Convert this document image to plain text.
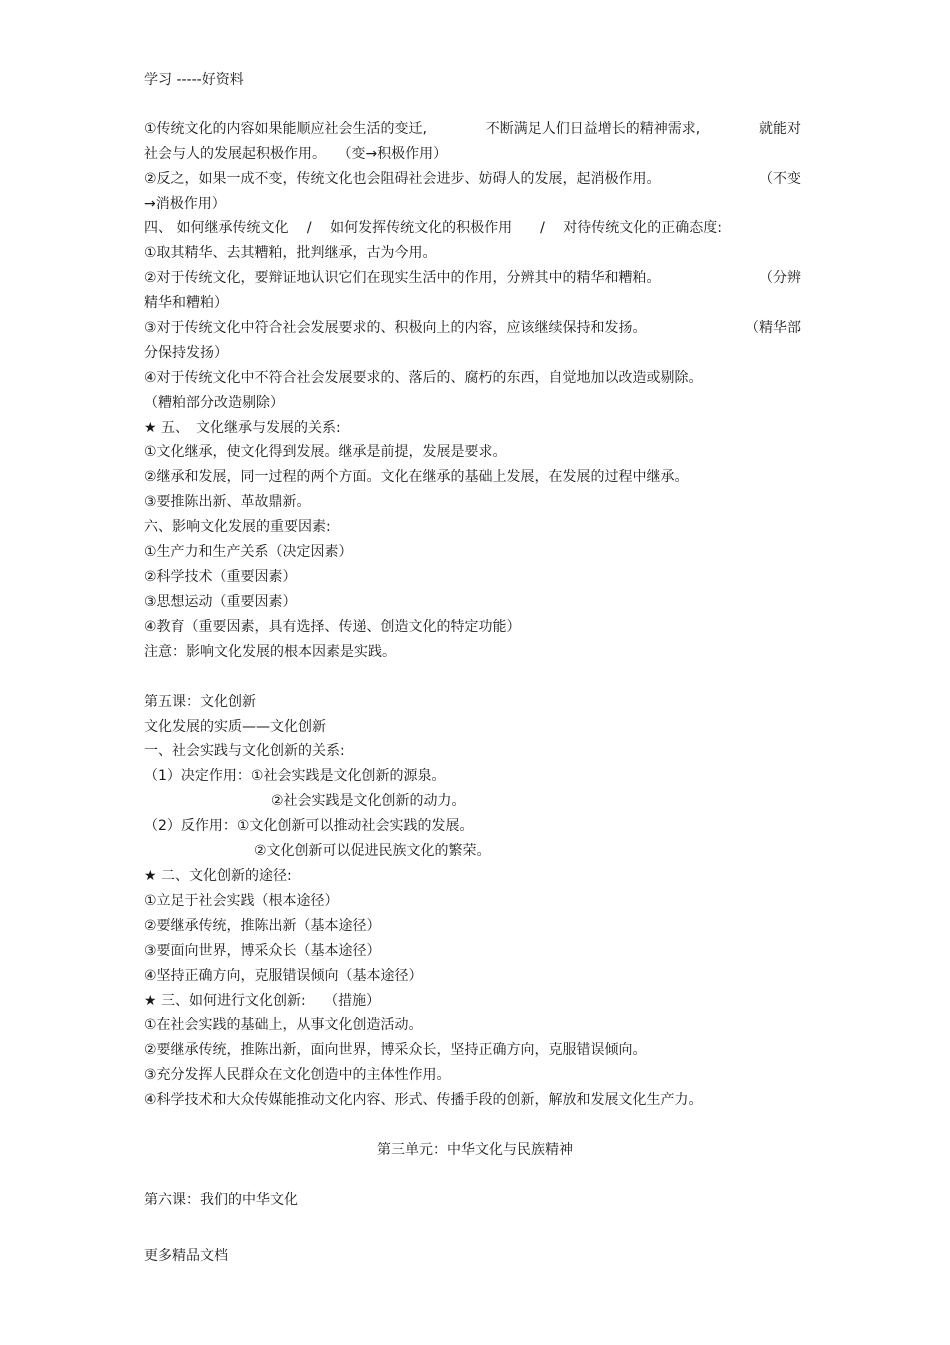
学习 -----好资料
①传统文化的内容如果能顺应社会生活的变迁,	不断满足人们日益增长的精神需求,	就能对
社会与人的发展起积极作用。　 （变→积极作用）
②反之，如果一成不变，传统文化也会阻碍社会进步、妨碍人的发展，起消极作用。	（不变
→消极作用）
四、 如何继承传统文化　 /　 如何发挥传统文化的积极作用　　/　 对待传统文化的正确态度:
①取其精华、去其糟粕，批判继承，古为今用。
②对于传统文化，要辩证地认识它们在现实生活中的作用，分辨其中的精华和糟粕。	（分辨
精华和糟粕）
③对于传统文化中符合社会发展要求的、积极向上的内容，应该继续保持和发扬。	（精华部
分保持发扬）
④对于传统文化中不符合社会发展要求的、落后的、腐朽的东西，自觉地加以改造或剔除。
（糟粕部分改造剔除）
★ 五、　文化继承与发展的关系:
①文化继承，使文化得到发展。继承是前提，发展是要求。
②继承和发展，同一过程的两个方面。文化在继承的基础上发展，在发展的过程中继承。
③要推陈出新、革故鼎新。
六、影响文化发展的重要因素:
①生产力和生产关系（决定因素）
②科学技术（重要因素）
③思想运动（重要因素）
④教育（重要因素，具有选择、传递、创造文化的特定功能）
注意：影响文化发展的根本因素是实践。
第五课：文化创新
文化发展的实质——文化创新
一、社会实践与文化创新的关系:
（1）决定作用：①社会实践是文化创新的源泉。
②社会实践是文化创新的动力。
（2）反作用：①文化创新可以推动社会实践的发展。
②文化创新可以促进民族文化的繁荣。
★ 二、文化创新的途径:
①立足于社会实践（根本途径）
②要继承传统，推陈出新（基本途径）
③要面向世界，博采众长（基本途径）
④坚持正确方向，克服错误倾向（基本途径）
★ 三、如何进行文化创新:　 （措施）
①在社会实践的基础上，从事文化创造活动。
②要继承传统，推陈出新，面向世界，博采众长，坚持正确方向，克服错误倾向。
③充分发挥人民群众在文化创造中的主体性作用。
④科学技术和大众传媒能推动文化内容、形式、传播手段的创新，解放和发展文化生产力。
第三单元：中华文化与民族精神
第六课：我们的中华文化
更多精品文档
